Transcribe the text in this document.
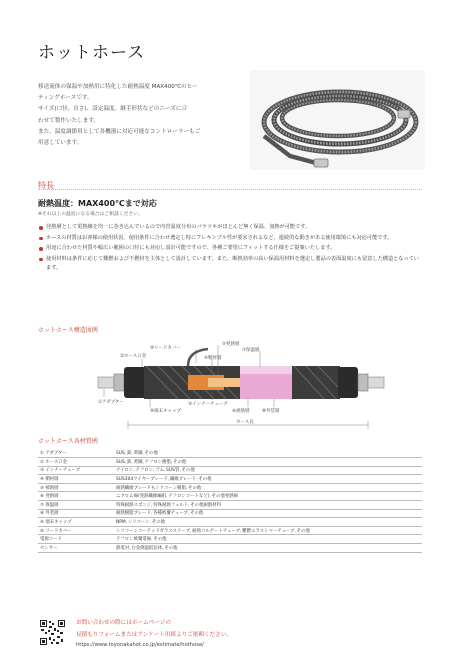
ホットホース

移送流体の保温や加熱用に特化した耐熱温度 MAX400℃のヒー

ティングホースです。

サイズ(口径、長さ)、設定温度、継手形状などのニーズに合

わせて製作いたします。

また、温度調節用として各機器に対応可能なコントローラーもご

用意しています。

特長
耐熱温度：MAX400℃まで対応
※それ以上の温度になる場合はご相談ください。
発熱層として電熱線を均一に巻き込んでいるので内管温度分布のバラツキがほとんど無く保温、加熱が可能です。
ホースの材質はお客様の使用状況、使用条件に合わせ選定し特にフレキシブル性が要求されるなど、連続的な動きがある使用環境にも対応可能です。
用途に合わせた材質や幅広い範囲の口径にも対応し設計可能ですので、各種ご要望にフィットする仕様をご提案いたします。
使用材料は条件に応じて難燃および不燃材を主体として設計しています。また、断熱効率の高い保温用材料を選定し製品の表面温度にも留意した構造となっています。
ホットホース構造図例
⑩リードカバー
②ホース口金
⑤発熱層
⑦保温層
④鞘材層
①アダプター	③インナーチューブ
⑨端末キャップ	⑥被熱層	⑧外装層
ホース長
ホットホース各材質例
① アダプター	SUS､鉄､黄銅､その他
② ホース口金	SUS､鉄､黄銅､テフロン樹脂､その他
③ インナーチューブ	ナイロン､テフロン､ゴム､SUS管､その他
④ 鞘材層	SUS304ワイヤーブレード､繊維ブレード､その他
⑤ 被熱層	耐熱繊維ブレードもシリコーン樹脂､その他
⑥ 発熱層	ニクロム線(発熱繊維編組､テフロンコートなど)､その他発熱線
⑦ 保温層	特殊耐熱スポンジ､特殊耐熱フェルト､その他耐熱材料
⑧ 外装層	耐熱樹脂ブレード､各種被覆チューブ､その他
⑨ 端末キャップ	NPM､シリコーン､その他
⑩ リードカバー	シリコーンコーテッドガラススリーブ､耐熱コルゲートチューブ､難燃エラストマーチューブ､その他
電源コード	テフロン被覆電線､その他
センサー	熱電対､白金測温抵抗体､その他
お問い合わせの際にはホームページの
見積もりフォームまたはアンケート用紙よりご依頼ください。
https://www.toyonakahot.co.jp/estimate/hothose/
